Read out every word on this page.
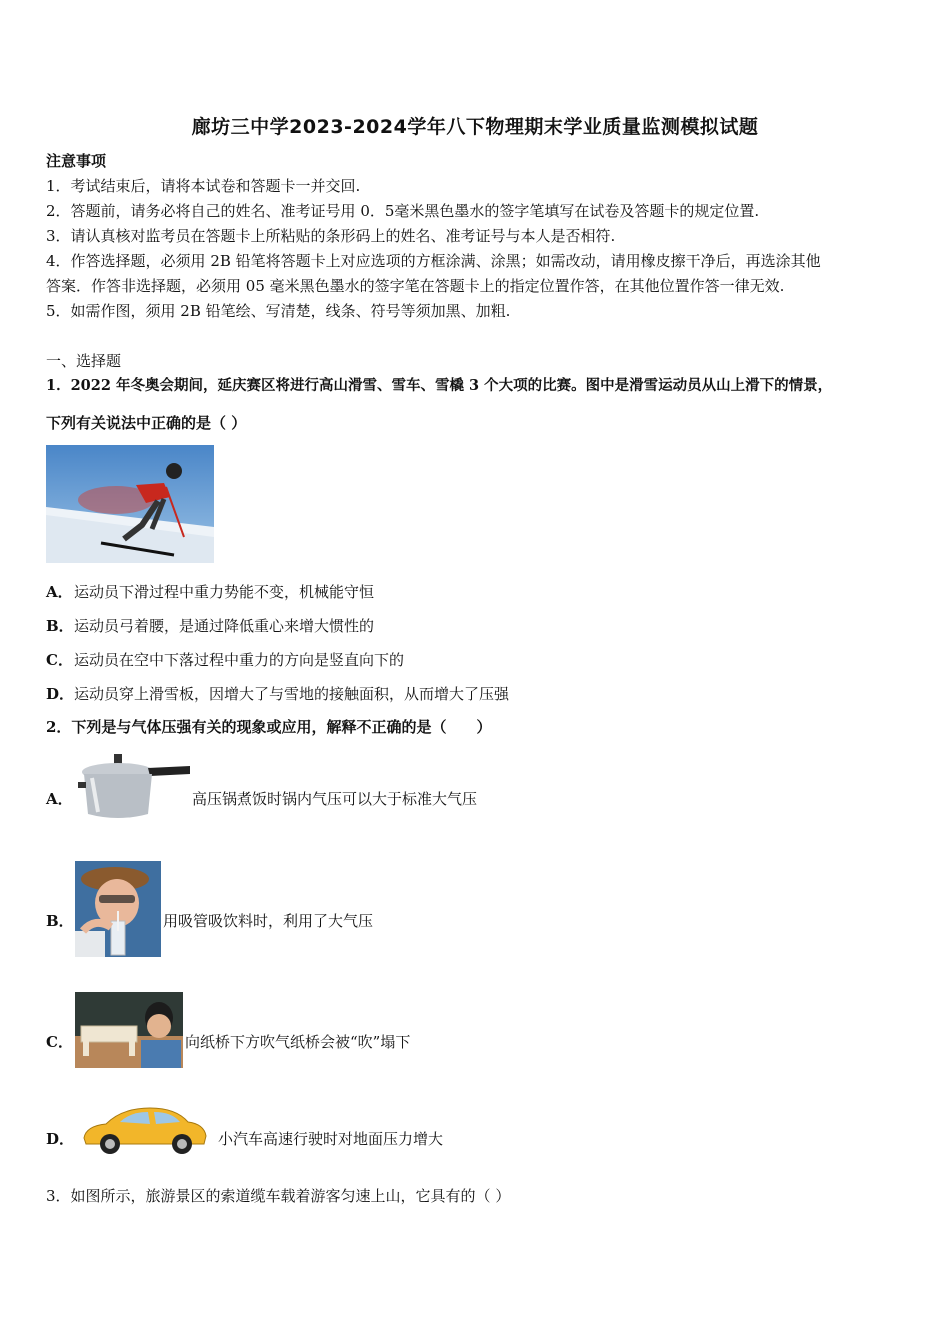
廊坊三中学2023-2024学年八下物理期末学业质量监测模拟试题
注意事项
1．考试结束后，请将本试卷和答题卡一并交回.
2．答题前，请务必将自己的姓名、准考证号用 0．5毫米黑色墨水的签字笔填写在试卷及答题卡的规定位置.
3．请认真核对监考员在答题卡上所粘贴的条形码上的姓名、准考证号与本人是否相符.
4．作答选择题，必须用 2B 铅笔将答题卡上对应选项的方框涂满、涂黑；如需改动，请用橡皮擦干净后，再选涂其他
答案．作答非选择题，必须用 05 毫米黑色墨水的签字笔在答题卡上的指定位置作答，在其他位置作答一律无效.
5．如需作图，须用 2B 铅笔绘、写清楚，线条、符号等须加黑、加粗.
一、选择题
1．2022 年冬奥会期间，延庆赛区将进行高山滑雪、雪车、雪橇 3 个大项的比赛。图中是滑雪运动员从山上滑下的情景，
下列有关说法中正确的是（ ）
A． 运动员下滑过程中重力势能不变，机械能守恒
B． 运动员弓着腰，是通过降低重心来增大惯性的
C． 运动员在空中下落过程中重力的方向是竖直向下的
D． 运动员穿上滑雪板，因增大了与雪地的接触面积，从而增大了压强
2．下列是与气体压强有关的现象或应用，解释不正确的是（　　）
A．	高压锅煮饭时锅内气压可以大于标准大气压
B．	用吸管吸饮料时，利用了大气压
C．	向纸桥下方吹气纸桥会被“吹”塌下
D．	小汽车高速行驶时对地面压力增大
3．如图所示，旅游景区的索道缆车载着游客匀速上山，它具有的（ ）
